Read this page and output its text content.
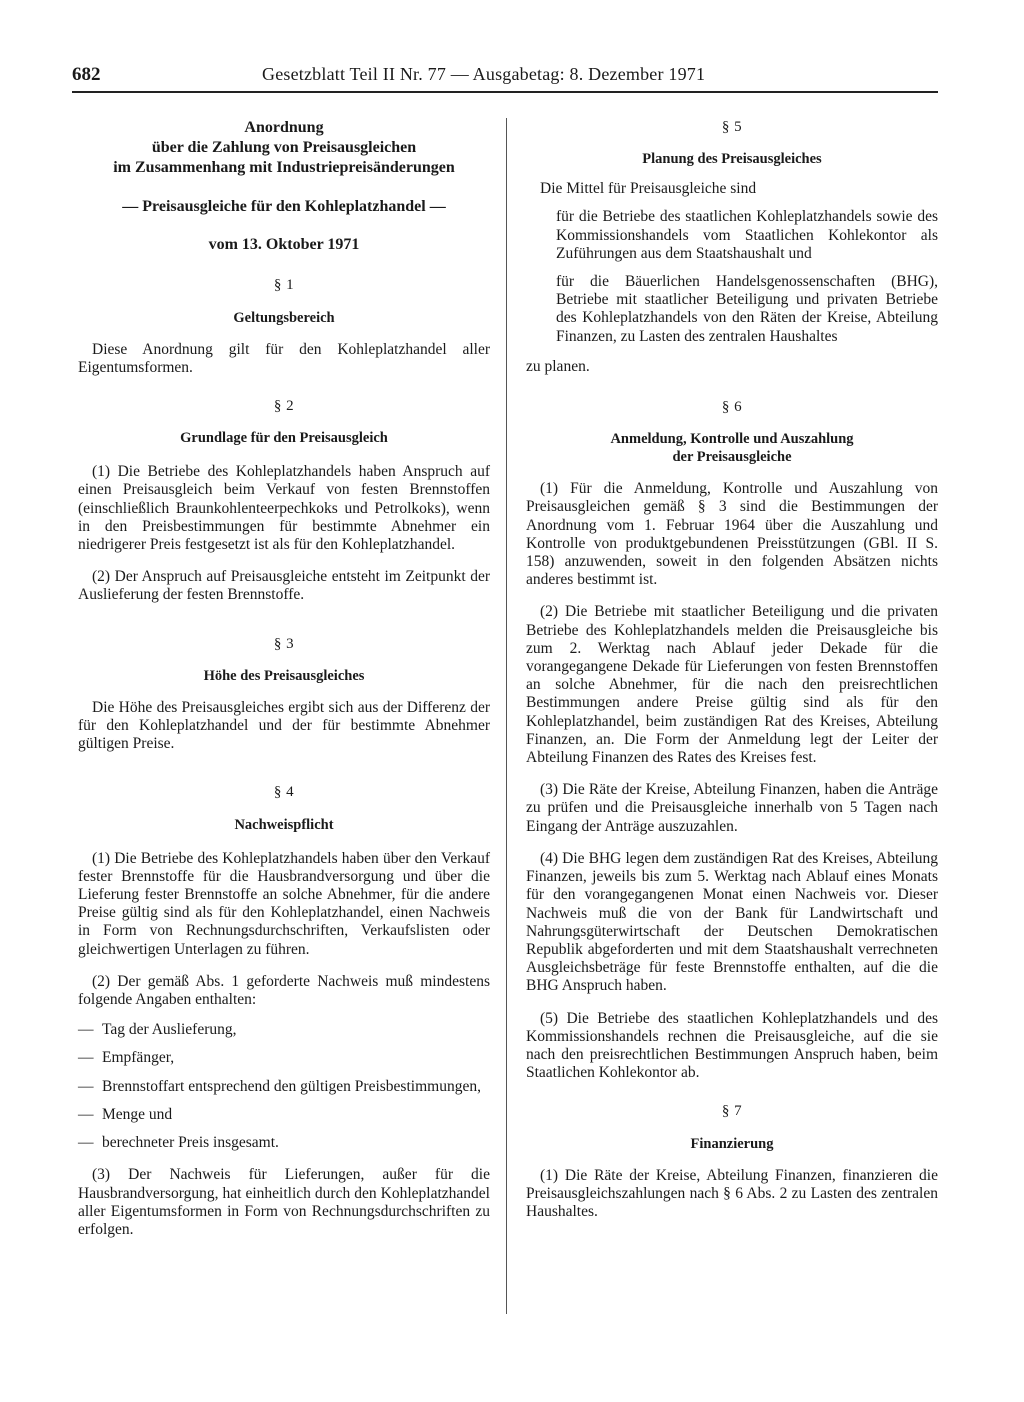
682	Gesetzblatt Teil II Nr. 77 — Ausgabetag: 8. Dezember 1971
Anordnung
über die Zahlung von Preisausgleichen
im Zusammenhang mit Industriepreisänderungen
— Preisausgleiche für den Kohleplatzhandel —
vom 13. Oktober 1971
§ 1
Geltungsbereich

Diese Anordnung gilt für den Kohleplatzhandel aller Eigentumsformen.

§ 2
Grundlage für den Preisausgleich

(1) Die Betriebe des Kohleplatzhandels haben Anspruch auf einen Preisausgleich beim Verkauf von festen Brennstoffen (einschließlich Braunkohlenteerpechkoks und Petrolkoks), wenn in den Preisbestimmungen für bestimmte Abnehmer ein niedrigerer Preis festgesetzt ist als für den Kohleplatzhandel.

(2) Der Anspruch auf Preisausgleiche entsteht im Zeitpunkt der Auslieferung der festen Brennstoffe.

§ 3
Höhe des Preisausgleiches

Die Höhe des Preisausgleiches ergibt sich aus der Differenz der für den Kohleplatzhandel und der für bestimmte Abnehmer gültigen Preise.

§ 4
Nachweispflicht

(1) Die Betriebe des Kohleplatzhandels haben über den Verkauf fester Brennstoffe für die Hausbrandversorgung und über die Lieferung fester Brennstoffe an solche Abnehmer, für die andere Preise gültig sind als für den Kohleplatzhandel, einen Nachweis in Form von Rechnungsdurchschriften, Verkaufslisten oder gleichwertigen Unterlagen zu führen.

(2) Der gemäß Abs. 1 geforderte Nachweis muß mindestens folgende Angaben enthalten:

— Tag der Auslieferung,
— Empfänger,
— Brennstoffart entsprechend den gültigen Preisbestimmungen,
— Menge und
— berechneter Preis insgesamt.

(3) Der Nachweis für Lieferungen, außer für die Hausbrandversorgung, hat einheitlich durch den Kohleplatzhandel aller Eigentumsformen in Form von Rechnungsdurchschriften zu erfolgen.

§ 5
Planung des Preisausgleiches

Die Mittel für Preisausgleiche sind

für die Betriebe des staatlichen Kohleplatzhandels sowie des Kommissionshandels vom Staatlichen Kohlekontor als Zuführungen aus dem Staatshaushalt und

für die Bäuerlichen Handelsgenossenschaften (BHG), Betriebe mit staatlicher Beteiligung und privaten Betriebe des Kohleplatzhandels von den Räten der Kreise, Abteilung Finanzen, zu Lasten des zentralen Haushaltes

zu planen.

§ 6
Anmeldung, Kontrolle und Auszahlung
der Preisausgleiche

(1) Für die Anmeldung, Kontrolle und Auszahlung von Preisausgleichen gemäß § 3 sind die Bestimmungen der Anordnung vom 1. Februar 1964 über die Auszahlung und Kontrolle von produktgebundenen Preisstützungen (GBl. II S. 158) anzuwenden, soweit in den folgenden Absätzen nichts anderes bestimmt ist.

(2) Die Betriebe mit staatlicher Beteiligung und die privaten Betriebe des Kohleplatzhandels melden die Preisausgleiche bis zum 2. Werktag nach Ablauf jeder Dekade für die vorangegangene Dekade für Lieferungen von festen Brennstoffen an solche Abnehmer, für die nach den preisrechtlichen Bestimmungen andere Preise gültig sind als für den Kohleplatzhandel, beim zuständigen Rat des Kreises, Abteilung Finanzen, an. Die Form der Anmeldung legt der Leiter der Abteilung Finanzen des Rates des Kreises fest.

(3) Die Räte der Kreise, Abteilung Finanzen, haben die Anträge zu prüfen und die Preisausgleiche innerhalb von 5 Tagen nach Eingang der Anträge auszuzahlen.

(4) Die BHG legen dem zuständigen Rat des Kreises, Abteilung Finanzen, jeweils bis zum 5. Werktag nach Ablauf eines Monats für den vorangegangenen Monat einen Nachweis vor. Dieser Nachweis muß die von der Bank für Landwirtschaft und Nahrungsgüterwirtschaft der Deutschen Demokratischen Republik abgeforderten und mit dem Staatshaushalt verrechneten Ausgleichsbeträge für feste Brennstoffe enthalten, auf die die BHG Anspruch haben.

(5) Die Betriebe des staatlichen Kohleplatzhandels und des Kommissionshandels rechnen die Preisausgleiche, auf die sie nach den preisrechtlichen Bestimmungen Anspruch haben, beim Staatlichen Kohlekontor ab.

§ 7
Finanzierung

(1) Die Räte der Kreise, Abteilung Finanzen, finanzieren die Preisausgleichszahlungen nach § 6 Abs. 2 zu Lasten des zentralen Haushaltes.
